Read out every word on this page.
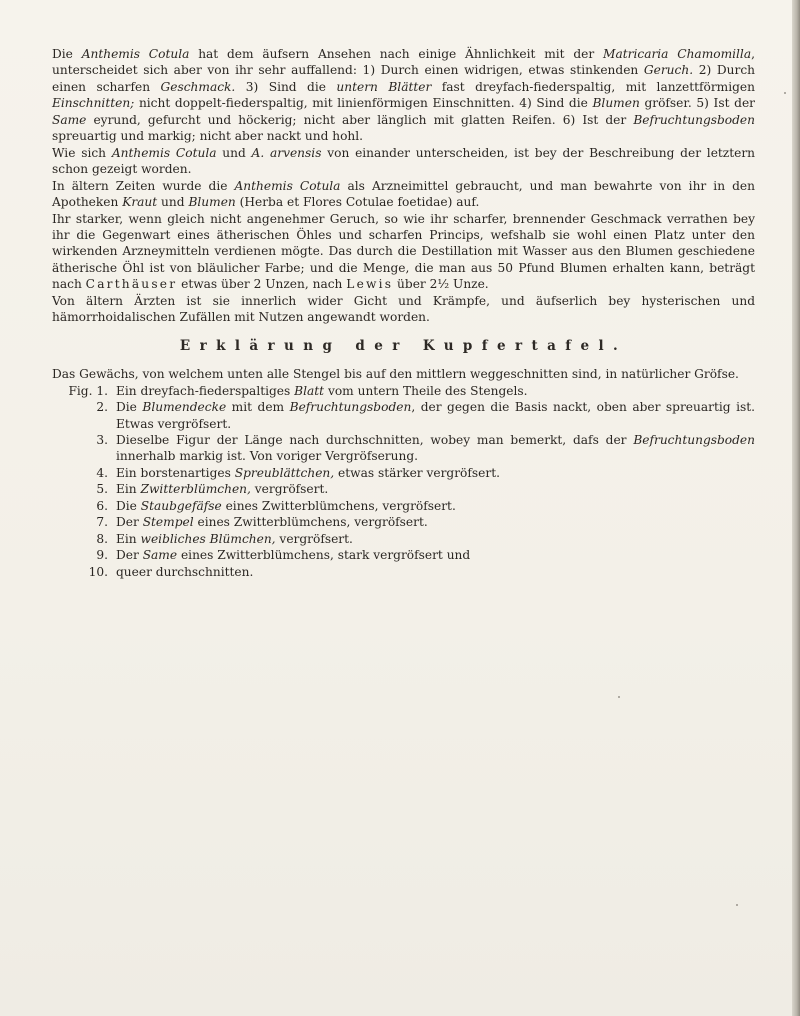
Die Anthemis Cotula hat dem äufsern Ansehen nach einige Ähnlichkeit mit der Matricaria Chamomilla, unterscheidet sich aber von ihr sehr auffallend: 1) Durch einen widrigen, etwas stinkenden Geruch. 2) Durch einen scharfen Geschmack. 3) Sind die untern Blätter fast dreyfach-fiederspaltig, mit lanzettförmigen Einschnitten; nicht doppelt-fiederspaltig, mit linienförmigen Einschnitten. 4) Sind die Blumen gröfser. 5) Ist der Same eyrund, gefurcht und höckerig; nicht aber länglich mit glatten Reifen. 6) Ist der Befruchtungsboden spreuartig und markig; nicht aber nackt und hohl.

Wie sich Anthemis Cotula und A. arvensis von einander unterscheiden, ist bey der Beschreibung der letztern schon gezeigt worden.

In ältern Zeiten wurde die Anthemis Cotula als Arzneimittel gebraucht, und man bewahrte von ihr in den Apotheken Kraut und Blumen (Herba et Flores Cotulae foetidae) auf.

Ihr starker, wenn gleich nicht angenehmer Geruch, so wie ihr scharfer, brennender Geschmack verrathen bey ihr die Gegenwart eines ätherischen Öhles und scharfen Princips, wefshalb sie wohl einen Platz unter den wirkenden Arzneymitteln verdienen mögte. Das durch die Destillation mit Wasser aus den Blumen geschiedene ätherische Öhl ist von bläulicher Farbe; und die Menge, die man aus 50 Pfund Blumen erhalten kann, beträgt nach Carthäuser etwas über 2 Unzen, nach Lewis über 2⅟₂ Unze.

Von ältern Ärzten ist sie innerlich wider Gicht und Krämpfe, und äufserlich bey hysterischen und hämorrhoidalischen Zufällen mit Nutzen angewandt worden.

Erklärung der Kupfertafel.

Das Gewächs, von welchem unten alle Stengel bis auf den mittlern weggeschnitten sind, in natürlicher Gröfse.

Fig. 1. Ein dreyfach-fiederspaltiges Blatt vom untern Theile des Stengels.
2. Die Blumendecke mit dem Befruchtungsboden, der gegen die Basis nackt, oben aber spreuartig ist. Etwas vergröfsert.
3. Dieselbe Figur der Länge nach durchschnitten, wobey man bemerkt, dafs der Befruchtungsboden innerhalb markig ist. Von voriger Vergröfserung.
4. Ein borstenartiges Spreublättchen, etwas stärker vergröfsert.
5. Ein Zwitterblümchen, vergröfsert.
6. Die Staubgefäfse eines Zwitterblümchens, vergröfsert.
7. Der Stempel eines Zwitterblümchens, vergröfsert.
8. Ein weibliches Blümchen, vergröfsert.
9. Der Same eines Zwitterblümchens, stark vergröfsert und
10. queer durchschnitten.
